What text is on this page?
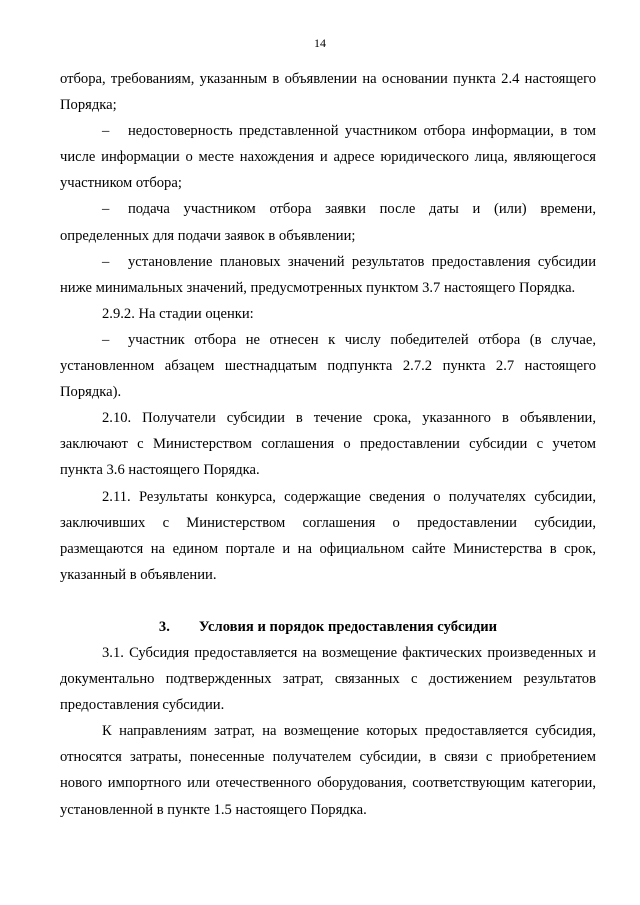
14

отбора, требованиям, указанным в объявлении на основании пункта 2.4 настоящего Порядка;

– недостоверность представленной участником отбора информации, в том числе информации о месте нахождения и адресе юридического лица, являющегося участником отбора;

– подача участником отбора заявки после даты и (или) времени, определенных для подачи заявок в объявлении;

– установление плановых значений результатов предоставления субсидии ниже минимальных значений, предусмотренных пунктом 3.7 настоящего Порядка.

2.9.2. На стадии оценки:

– участник отбора не отнесен к числу победителей отбора (в случае, установленном абзацем шестнадцатым подпункта 2.7.2 пункта 2.7 настоящего Порядка).

2.10. Получатели субсидии в течение срока, указанного в объявлении, заключают с Министерством соглашения о предоставлении субсидии с учетом пункта 3.6 настоящего Порядка.

2.11. Результаты конкурса, содержащие сведения о получателях субсидии, заключивших с Министерством соглашения о предоставлении субсидии, размещаются на едином портале и на официальном сайте Министерства в срок, указанный в объявлении.

3. Условия и порядок предоставления субсидии

3.1. Субсидия предоставляется на возмещение фактических произведенных и документально подтвержденных затрат, связанных с достижением результатов предоставления субсидии.

К направлениям затрат, на возмещение которых предоставляется субсидия, относятся затраты, понесенные получателем субсидии, в связи с приобретением нового импортного или отечественного оборудования, соответствующим категории, установленной в пункте 1.5 настоящего Порядка.
